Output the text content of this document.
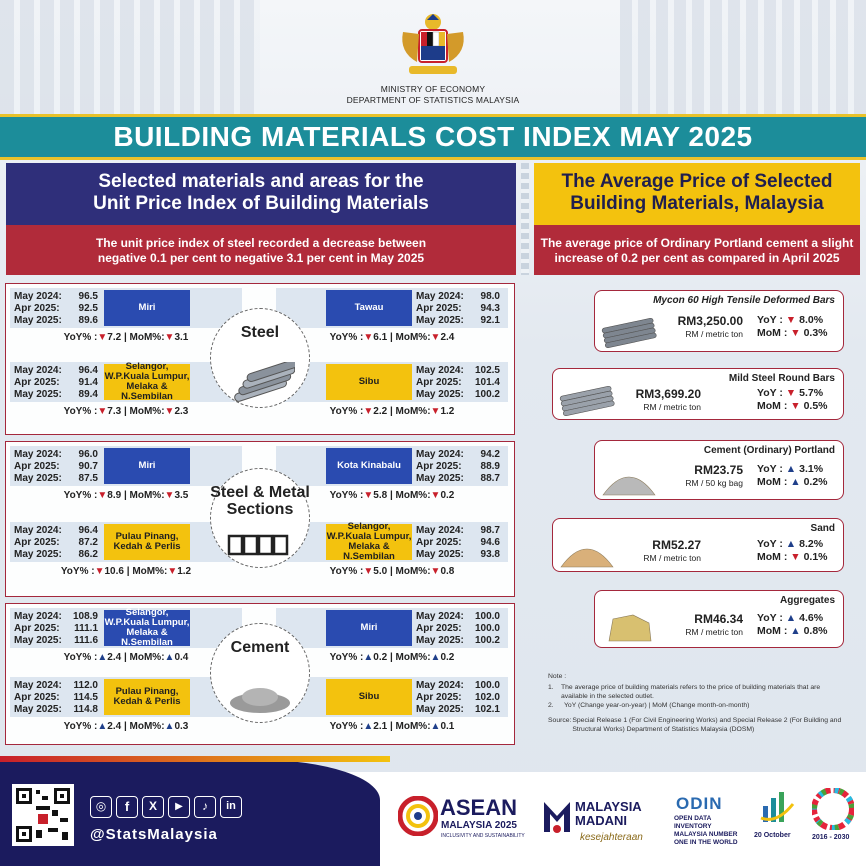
MINISTRY OF ECONOMY
DEPARTMENT OF STATISTICS MALAYSIA
BUILDING MATERIALS COST INDEX MAY 2025
Selected materials and areas for the
Unit Price Index of Building Materials
The unit price index of steel recorded a decrease between
negative 0.1 per cent to negative 3.1 per cent in May 2025
The Average Price of Selected
Building Materials, Malaysia
The average price of Ordinary Portland cement a slight
increase of 0.2 per cent as compared in April 2025
May 2024:	96.5
Apr 2025:	92.5
May 2025:	89.6
Miri
YoY% :▼7.2 | MoM%:▼3.1
May 2024:	98.0
Apr 2025:	94.3
May 2025:	92.1
Tawau
YoY% :▼6.1 | MoM%:▼2.4
May 2024:	96.4
Apr 2025:	91.4
May 2025:	89.4
Selangor, W.P.Kuala Lumpur, Melaka & N.Sembilan
YoY% :▼7.3 | MoM%:▼2.3
May 2024:	102.5
Apr 2025:	101.4
May 2025:	100.2
Sibu
YoY% :▼2.2 | MoM%:▼1.2
Steel
May 2024:	96.0
Apr 2025:	90.7
May 2025:	87.5
Miri
YoY% :▼8.9 | MoM%:▼3.5
May 2024:	94.2
Apr 2025:	88.9
May 2025:	88.7
Kota Kinabalu
YoY% :▼5.8 | MoM%:▼0.2
May 2024:	96.4
Apr 2025:	87.2
May 2025:	86.2
Pulau Pinang, Kedah & Perlis
YoY% :▼10.6 | MoM%:▼1.2
May 2024:	98.7
Apr 2025:	94.6
May 2025:	93.8
Selangor, W.P.Kuala Lumpur, Melaka & N.Sembilan
YoY% :▼5.0 | MoM%:▼0.8
Steel & Metal Sections
May 2024:	108.9
Apr 2025:	111.1
May 2025:	111.6
Selangor, W.P.Kuala Lumpur, Melaka & N.Sembilan
YoY% :▲2.4 | MoM%:▲0.4
May 2024:	100.0
Apr 2025:	100.0
May 2025:	100.2
Miri
YoY% :▲0.2 | MoM%:▲0.2
May 2024:	112.0
Apr 2025:	114.5
May 2025:	114.8
Pulau Pinang, Kedah & Perlis
YoY% :▲2.4 | MoM%:▲0.3
May 2024:	100.0
Apr 2025:	102.0
May 2025:	102.1
Sibu
YoY% :▲2.1 | MoM%:▲0.1
Cement
Mycon 60 High Tensile Deformed Bars
RM3,250.00
RM / metric ton
YoY : ▼ 8.0%
MoM : ▼ 0.3%
Mild Steel Round Bars
RM3,699.20
RM / metric ton
YoY : ▼ 5.7%
MoM : ▼ 0.5%
Cement (Ordinary) Portland
RM23.75
RM / 50 kg bag
YoY : ▲ 3.1%
MoM : ▲ 0.2%
Sand
RM52.27
RM / metric ton
YoY : ▲ 8.2%
MoM : ▼ 0.1%
Aggregates
RM46.34
RM / metric ton
YoY : ▲ 4.6%
MoM : ▲ 0.8%
Note :
1.	The average price of building materials refers to the price of building materials that are available in the selected outlet.
2.	YoY (Change year-on-year) | MoM (Change month-on-month)
Source: Special Release 1 (For Civil Engineering Works) and Special Release 2 (For Building and Structural Works) Department of Statistics Malaysia (DOSM)
◎	f	X	▶	♪	in
@StatsMalaysia
ASEAN
MALAYSIA 2025
INCLUSIVITY AND SUSTAINABILITY
MALAYSIA MADANI
kesejahteraan
ODIN
OPEN DATA INVENTORY MALAYSIA NUMBER ONE IN THE WORLD
20 October	2016 - 2030
